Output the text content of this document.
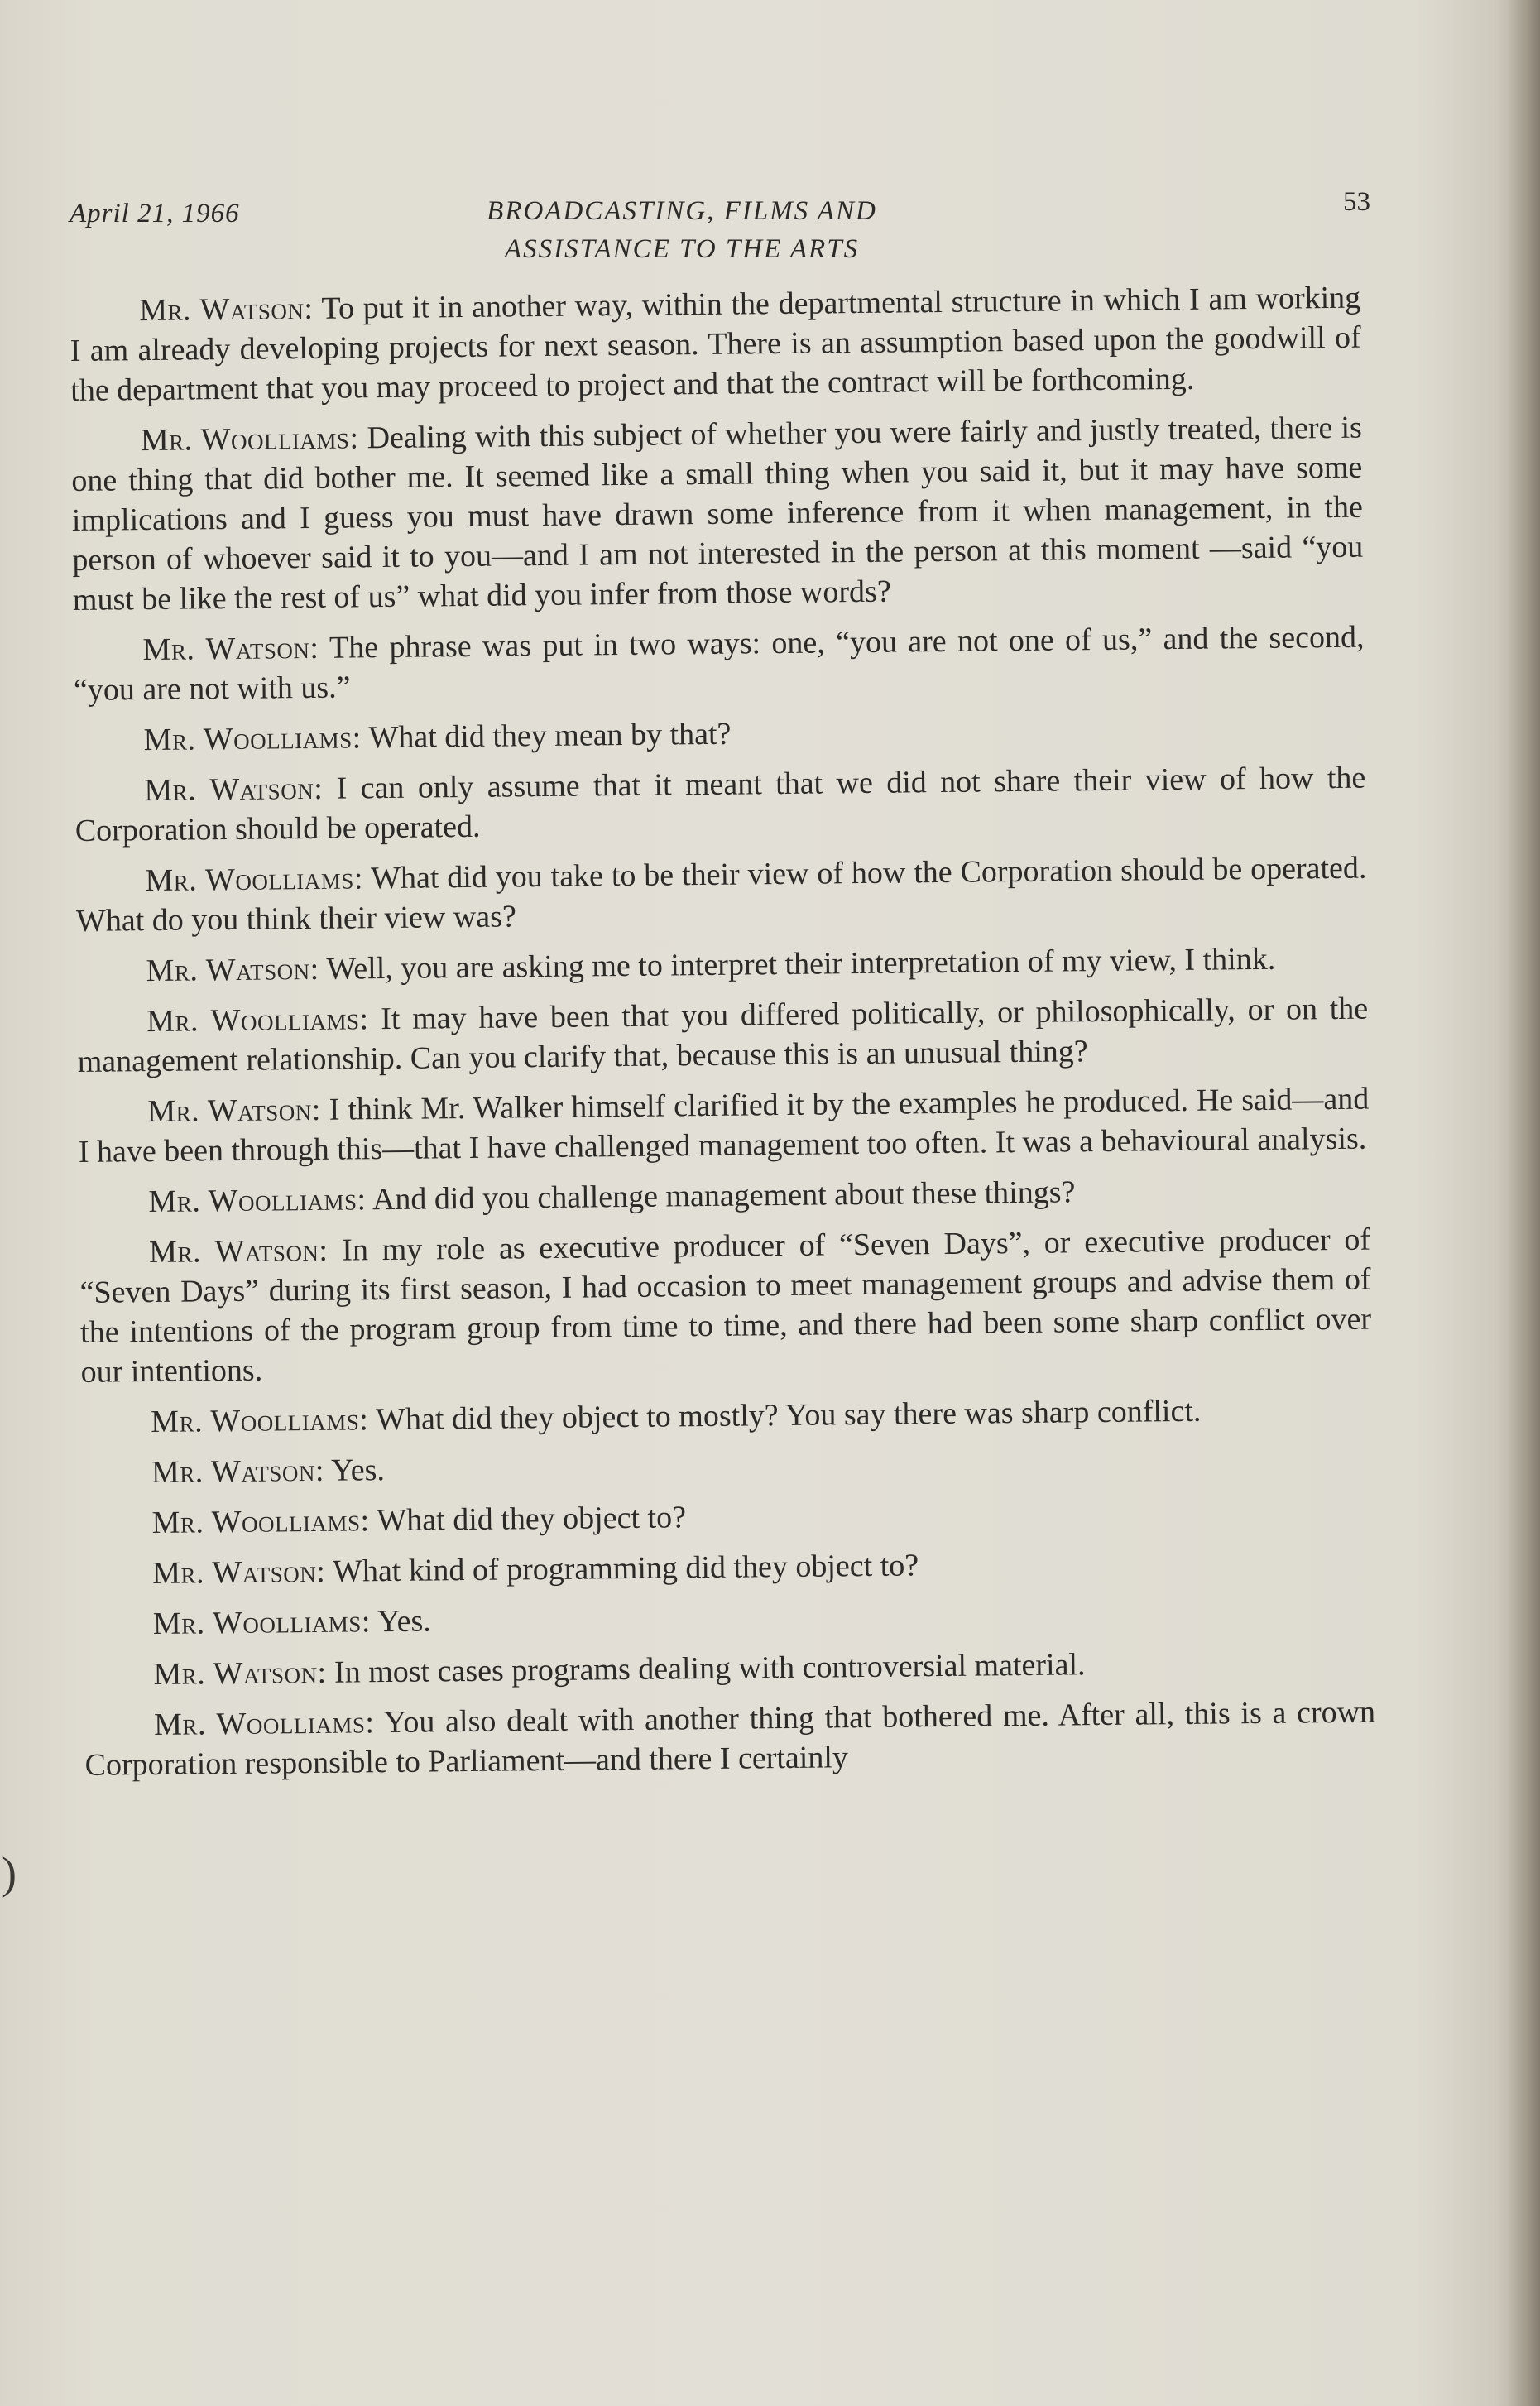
April 21, 1966	BROADCASTING, FILMS AND
ASSISTANCE TO THE ARTS
53

Mr. Watson: To put it in another way, within the departmental structure in which I am working I am already developing projects for next season. There is an assumption based upon the goodwill of the department that you may proceed to project and that the contract will be forthcoming.

Mr. Woolliams: Dealing with this subject of whether you were fairly and justly treated, there is one thing that did bother me. It seemed like a small thing when you said it, but it may have some implications and I guess you must have drawn some inference from it when management, in the person of whoever said it to you—and I am not interested in the person at this moment —said “you must be like the rest of us” what did you infer from those words?

Mr. Watson: The phrase was put in two ways: one, “you are not one of us,” and the second, “you are not with us.”

Mr. Woolliams: What did they mean by that?

Mr. Watson: I can only assume that it meant that we did not share their view of how the Corporation should be operated.

Mr. Woolliams: What did you take to be their view of how the Corporation should be operated. What do you think their view was?

Mr. Watson: Well, you are asking me to interpret their interpretation of my view, I think.

Mr. Woolliams: It may have been that you differed politically, or philosophically, or on the management relationship. Can you clarify that, because this is an unusual thing?

Mr. Watson: I think Mr. Walker himself clarified it by the examples he produced. He said—and I have been through this—that I have challenged management too often. It was a behavioural analysis.

Mr. Woolliams: And did you challenge management about these things?

Mr. Watson: In my role as executive producer of “Seven Days”, or executive producer of “Seven Days” during its first season, I had occasion to meet management groups and advise them of the intentions of the program group from time to time, and there had been some sharp conflict over our intentions.

Mr. Woolliams: What did they object to mostly? You say there was sharp conflict.

Mr. Watson: Yes.

Mr. Woolliams: What did they object to?

Mr. Watson: What kind of programming did they object to?

Mr. Woolliams: Yes.

Mr. Watson: In most cases programs dealing with controversial material.

Mr. Woolliams: You also dealt with another thing that bothered me. After all, this is a crown Corporation responsible to Parliament—and there I certainly

)
